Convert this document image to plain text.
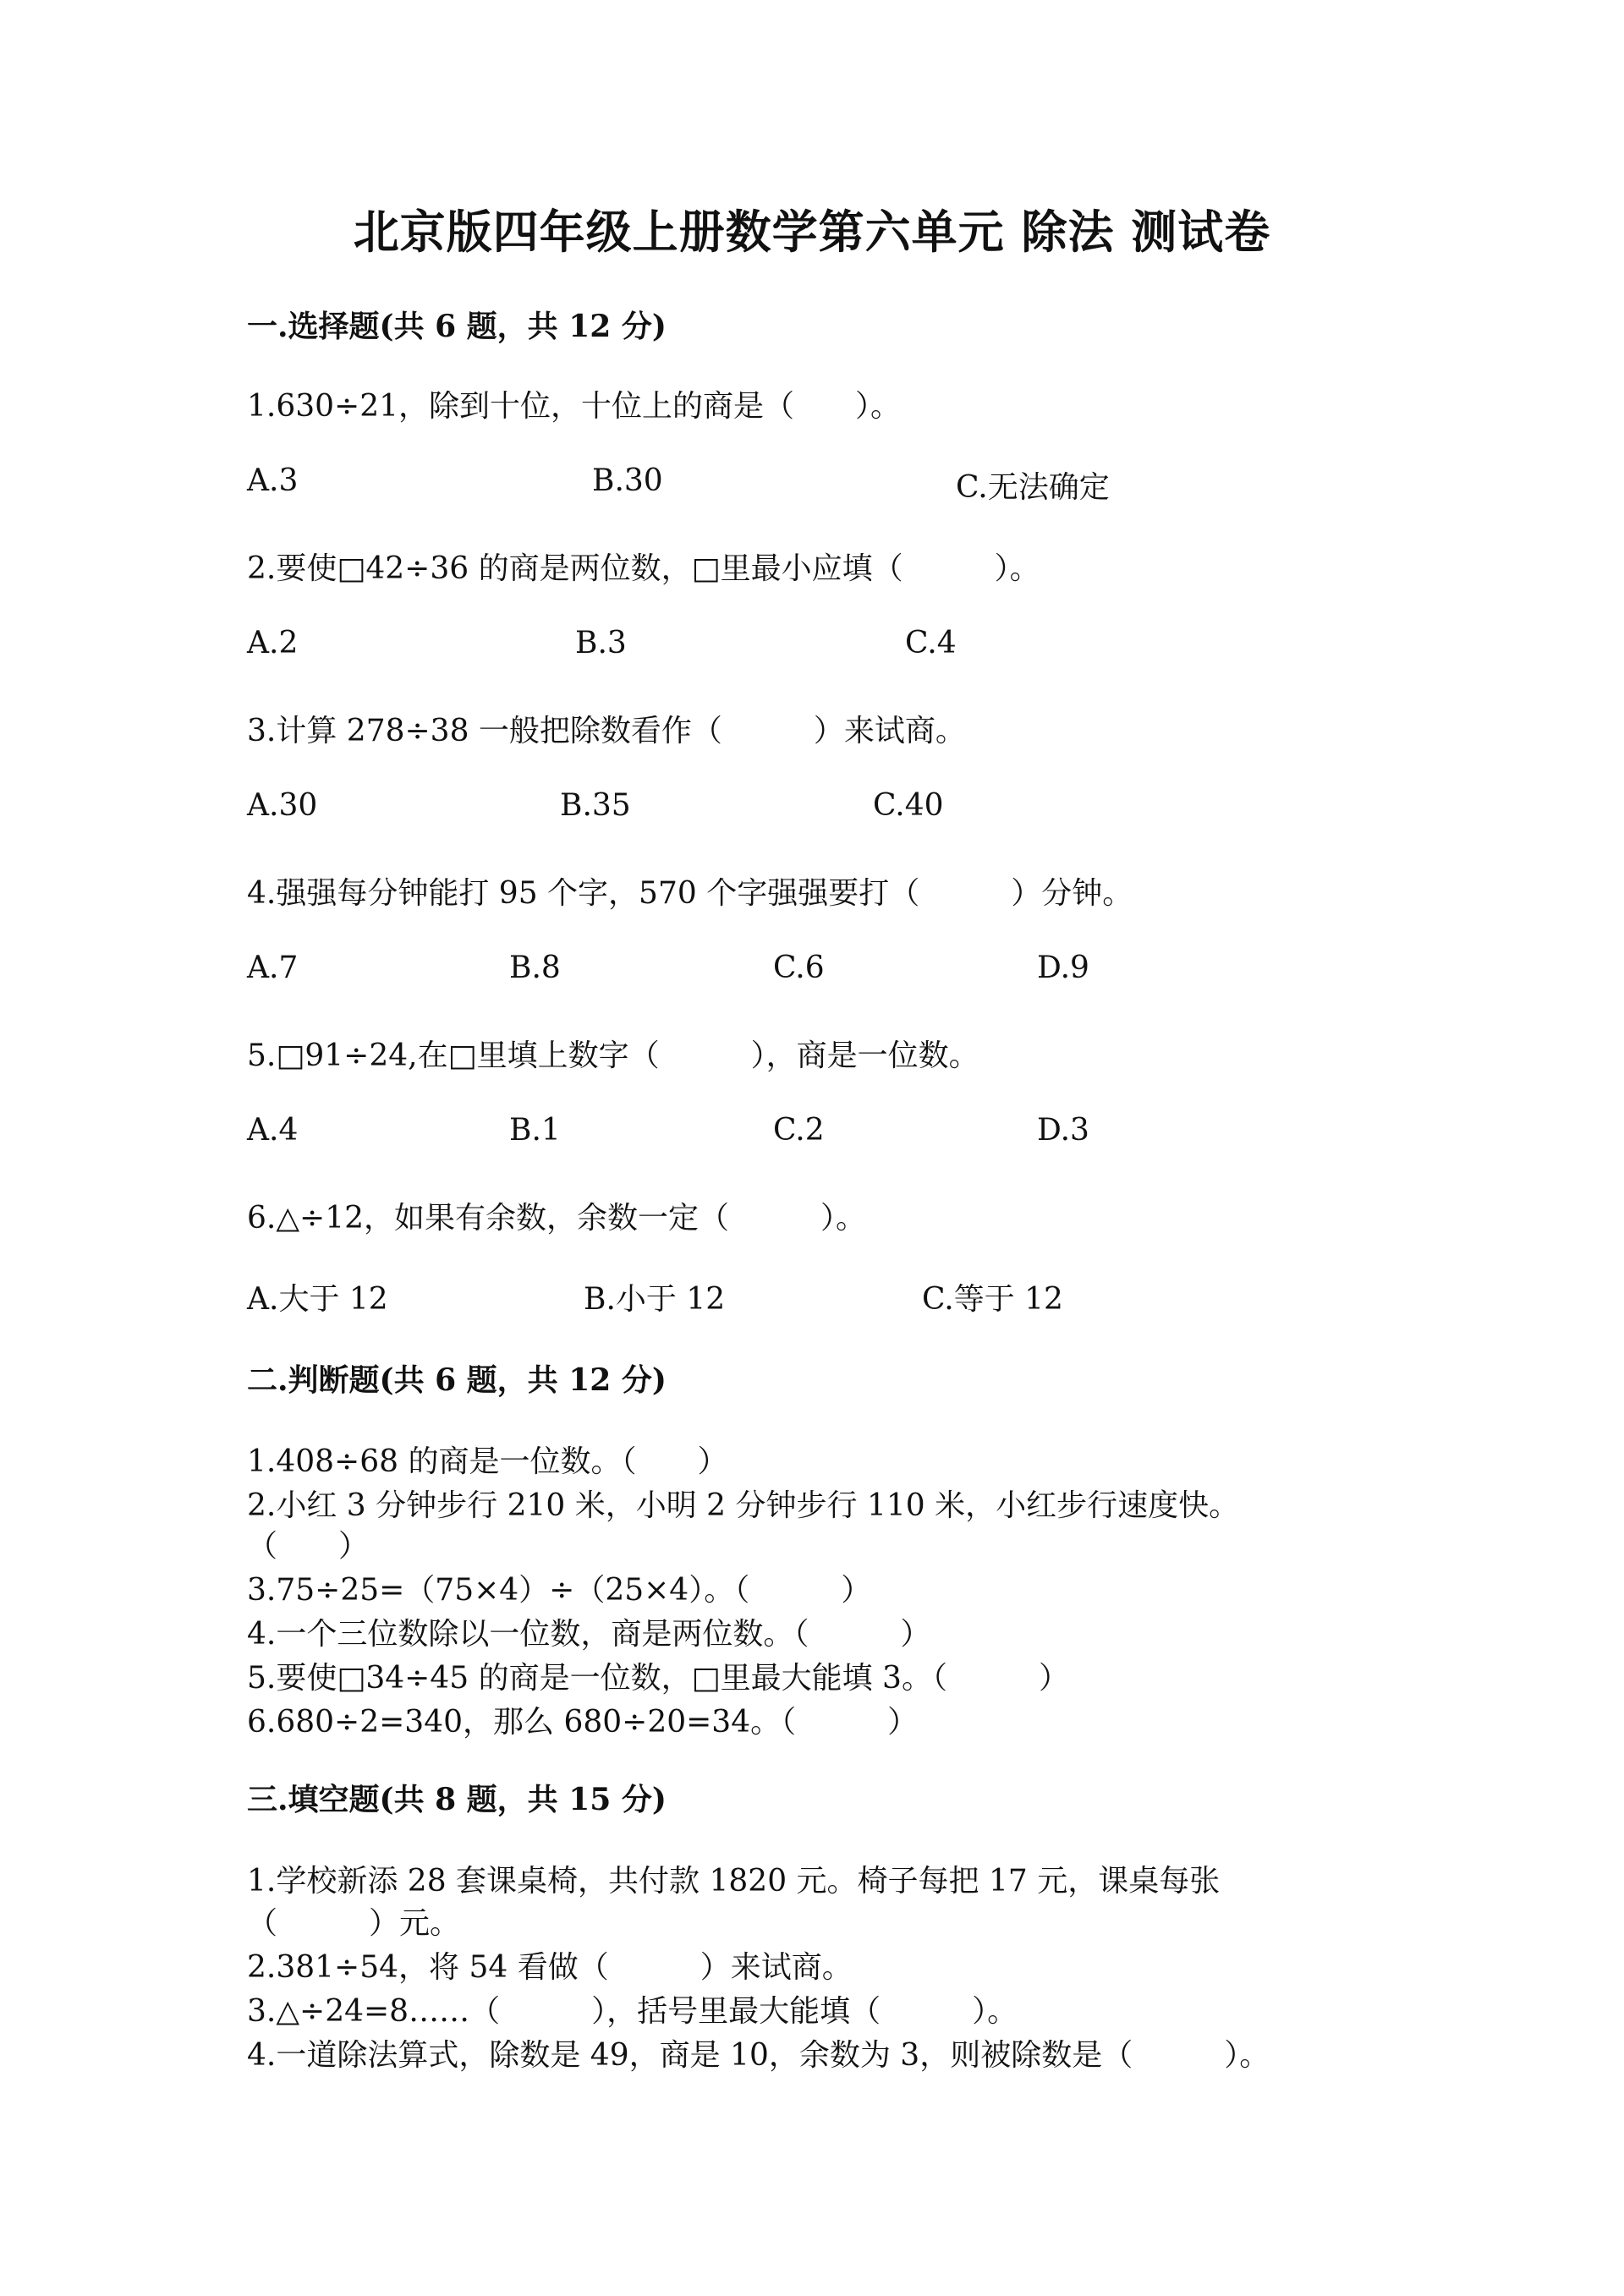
北京版四年级上册数学第六单元 除法 测试卷
一.选择题(共 6 题，共 12 分)
1.630÷21，除到十位，十位上的商是（　　）。
A.3	B.30	C.无法确定
2.要使□42÷36 的商是两位数，□里最小应填（　　　）。
A.2	B.3	C.4
3.计算 278÷38 一般把除数看作（　　　）来试商。
A.30	B.35	C.40
4.强强每分钟能打 95 个字，570 个字强强要打（　　　）分钟。
A.7	B.8	C.6	D.9
5.□91÷24,在□里填上数字（　　　），商是一位数。
A.4	B.1	C.2	D.3
6.△÷12，如果有余数，余数一定（　　　）。
A.大于 12	B.小于 12	C.等于 12
二.判断题(共 6 题，共 12 分)
1.408÷68 的商是一位数。（　　）
2.小红 3 分钟步行 210 米，小明 2 分钟步行 110 米，小红步行速度快。
（　　）
3.75÷25=（75×4）÷（25×4）。（　　　）
4.一个三位数除以一位数，商是两位数。（　　　）
5.要使□34÷45 的商是一位数，□里最大能填 3。（　　　）
6.680÷2=340，那么 680÷20=34。（　　　）
三.填空题(共 8 题，共 15 分)
1.学校新添 28 套课桌椅，共付款 1820 元。椅子每把 17 元，课桌每张
（　　　）元。
2.381÷54，将 54 看做（　　　）来试商。
3.△÷24=8……（　　　），括号里最大能填（　　　）。
4.一道除法算式，除数是 49，商是 10，余数为 3，则被除数是（　　　）。
